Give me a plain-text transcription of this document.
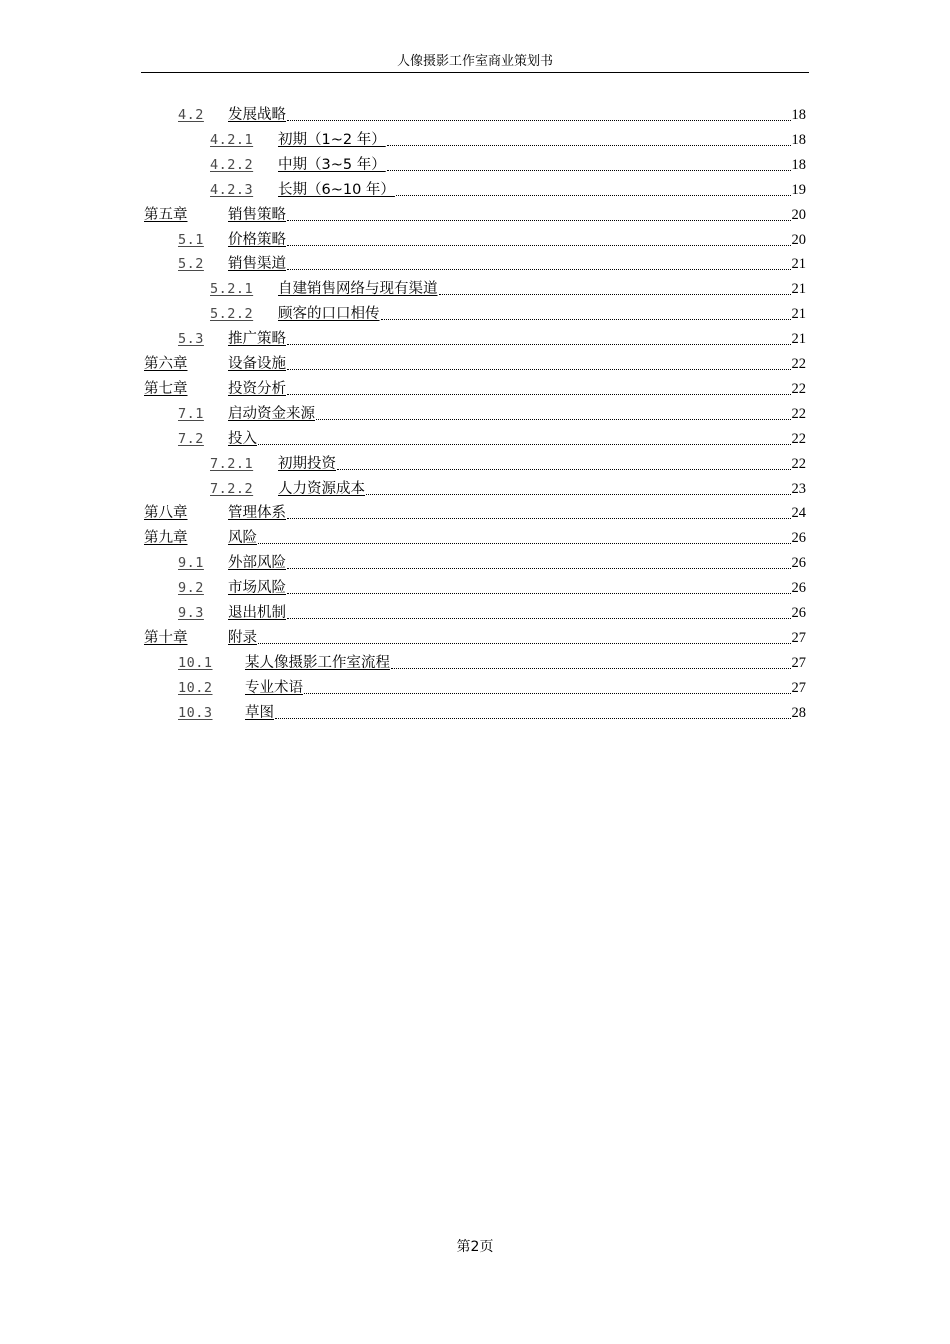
人像摄影工作室商业策划书
4.2	发展战略	18
4.2.1	初期（1~2 年）	18
4.2.2	中期（3~5 年）	18
4.2.3	长期（6~10 年）	19
第五章	销售策略	20
5.1	价格策略	20
5.2	销售渠道	21
5.2.1	自建销售网络与现有渠道	21
5.2.2	顾客的口口相传	21
5.3	推广策略	21
第六章	设备设施	22
第七章	投资分析	22
7.1	启动资金来源	22
7.2	投入	22
7.2.1	初期投资	22
7.2.2	人力资源成本	23
第八章	管理体系	24
第九章	风险	26
9.1	外部风险	26
9.2	市场风险	26
9.3	退出机制	26
第十章	附录	27
10.1	某人像摄影工作室流程	27
10.2	专业术语	27
10.3	草图	28
第2页
